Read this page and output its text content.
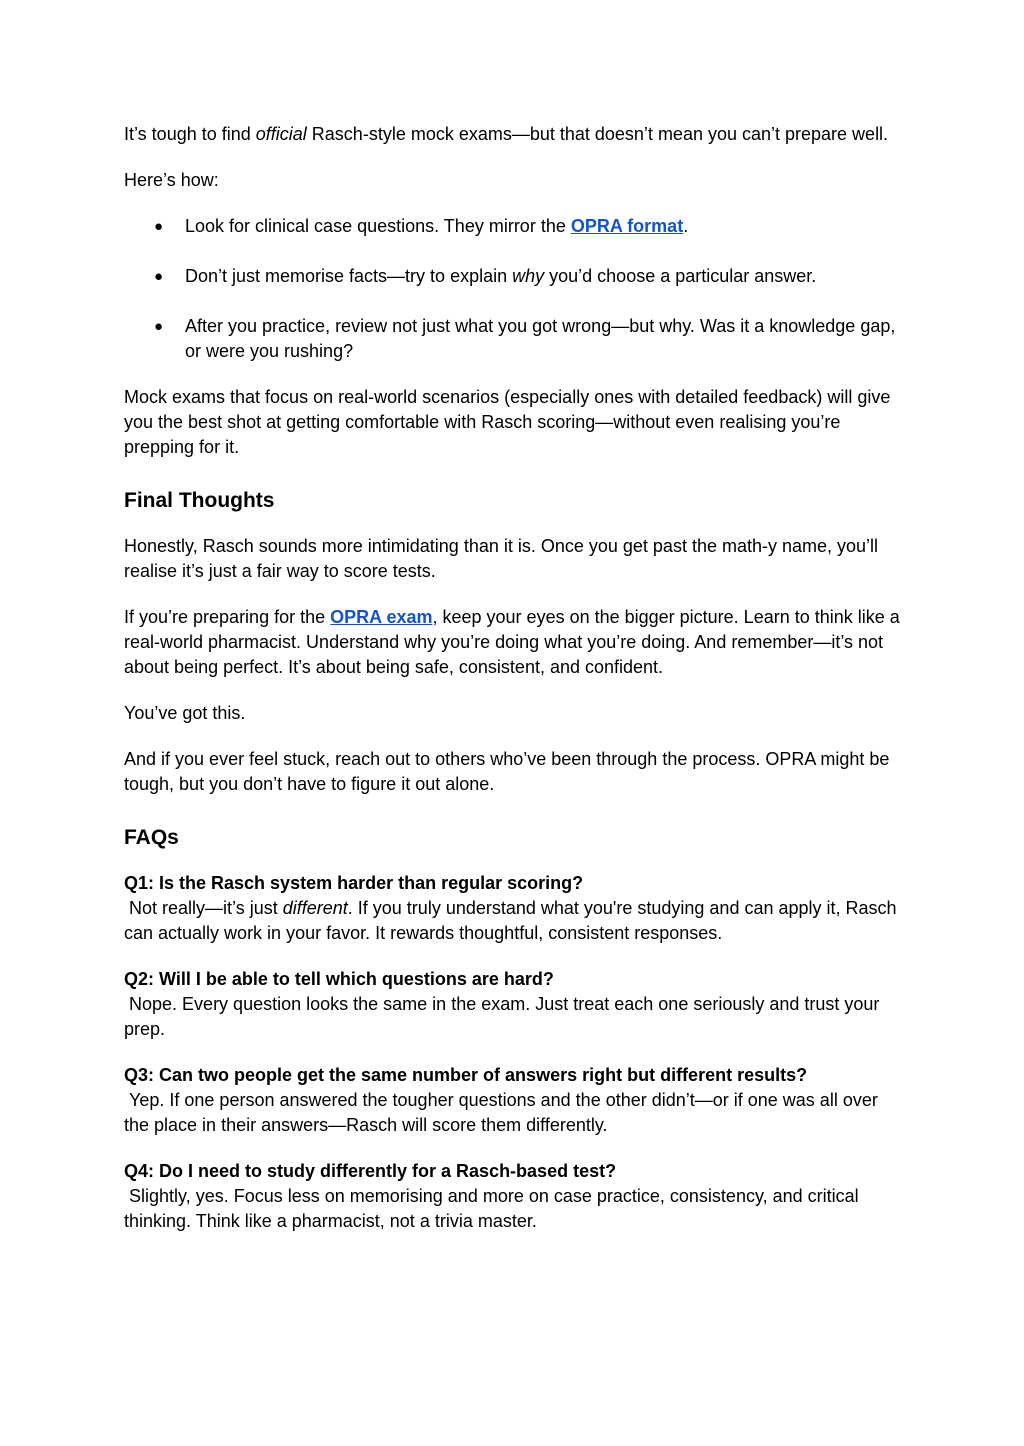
It’s tough to find official Rasch-style mock exams—but that doesn’t mean you can’t prepare well.

Here’s how:

● Look for clinical case questions. They mirror the OPRA format.
● Don’t just memorise facts—try to explain why you’d choose a particular answer.
● After you practice, review not just what you got wrong—but why. Was it a knowledge gap, or were you rushing?

Mock exams that focus on real-world scenarios (especially ones with detailed feedback) will give you the best shot at getting comfortable with Rasch scoring—without even realising you’re prepping for it.

Final Thoughts

Honestly, Rasch sounds more intimidating than it is. Once you get past the math-y name, you’ll realise it’s just a fair way to score tests.

If you’re preparing for the OPRA exam, keep your eyes on the bigger picture. Learn to think like a real-world pharmacist. Understand why you’re doing what you’re doing. And remember—it’s not about being perfect. It’s about being safe, consistent, and confident.

You’ve got this.

And if you ever feel stuck, reach out to others who’ve been through the process. OPRA might be tough, but you don’t have to figure it out alone.

FAQs
Q1: Is the Rasch system harder than regular scoring?
Not really—it’s just different. If you truly understand what you're studying and can apply it, Rasch can actually work in your favor. It rewards thoughtful, consistent responses.
Q2: Will I be able to tell which questions are hard?
Nope. Every question looks the same in the exam. Just treat each one seriously and trust your prep.
Q3: Can two people get the same number of answers right but different results?
Yep. If one person answered the tougher questions and the other didn’t—or if one was all over the place in their answers—Rasch will score them differently.
Q4: Do I need to study differently for a Rasch-based test?
Slightly, yes. Focus less on memorising and more on case practice, consistency, and critical thinking. Think like a pharmacist, not a trivia master.
